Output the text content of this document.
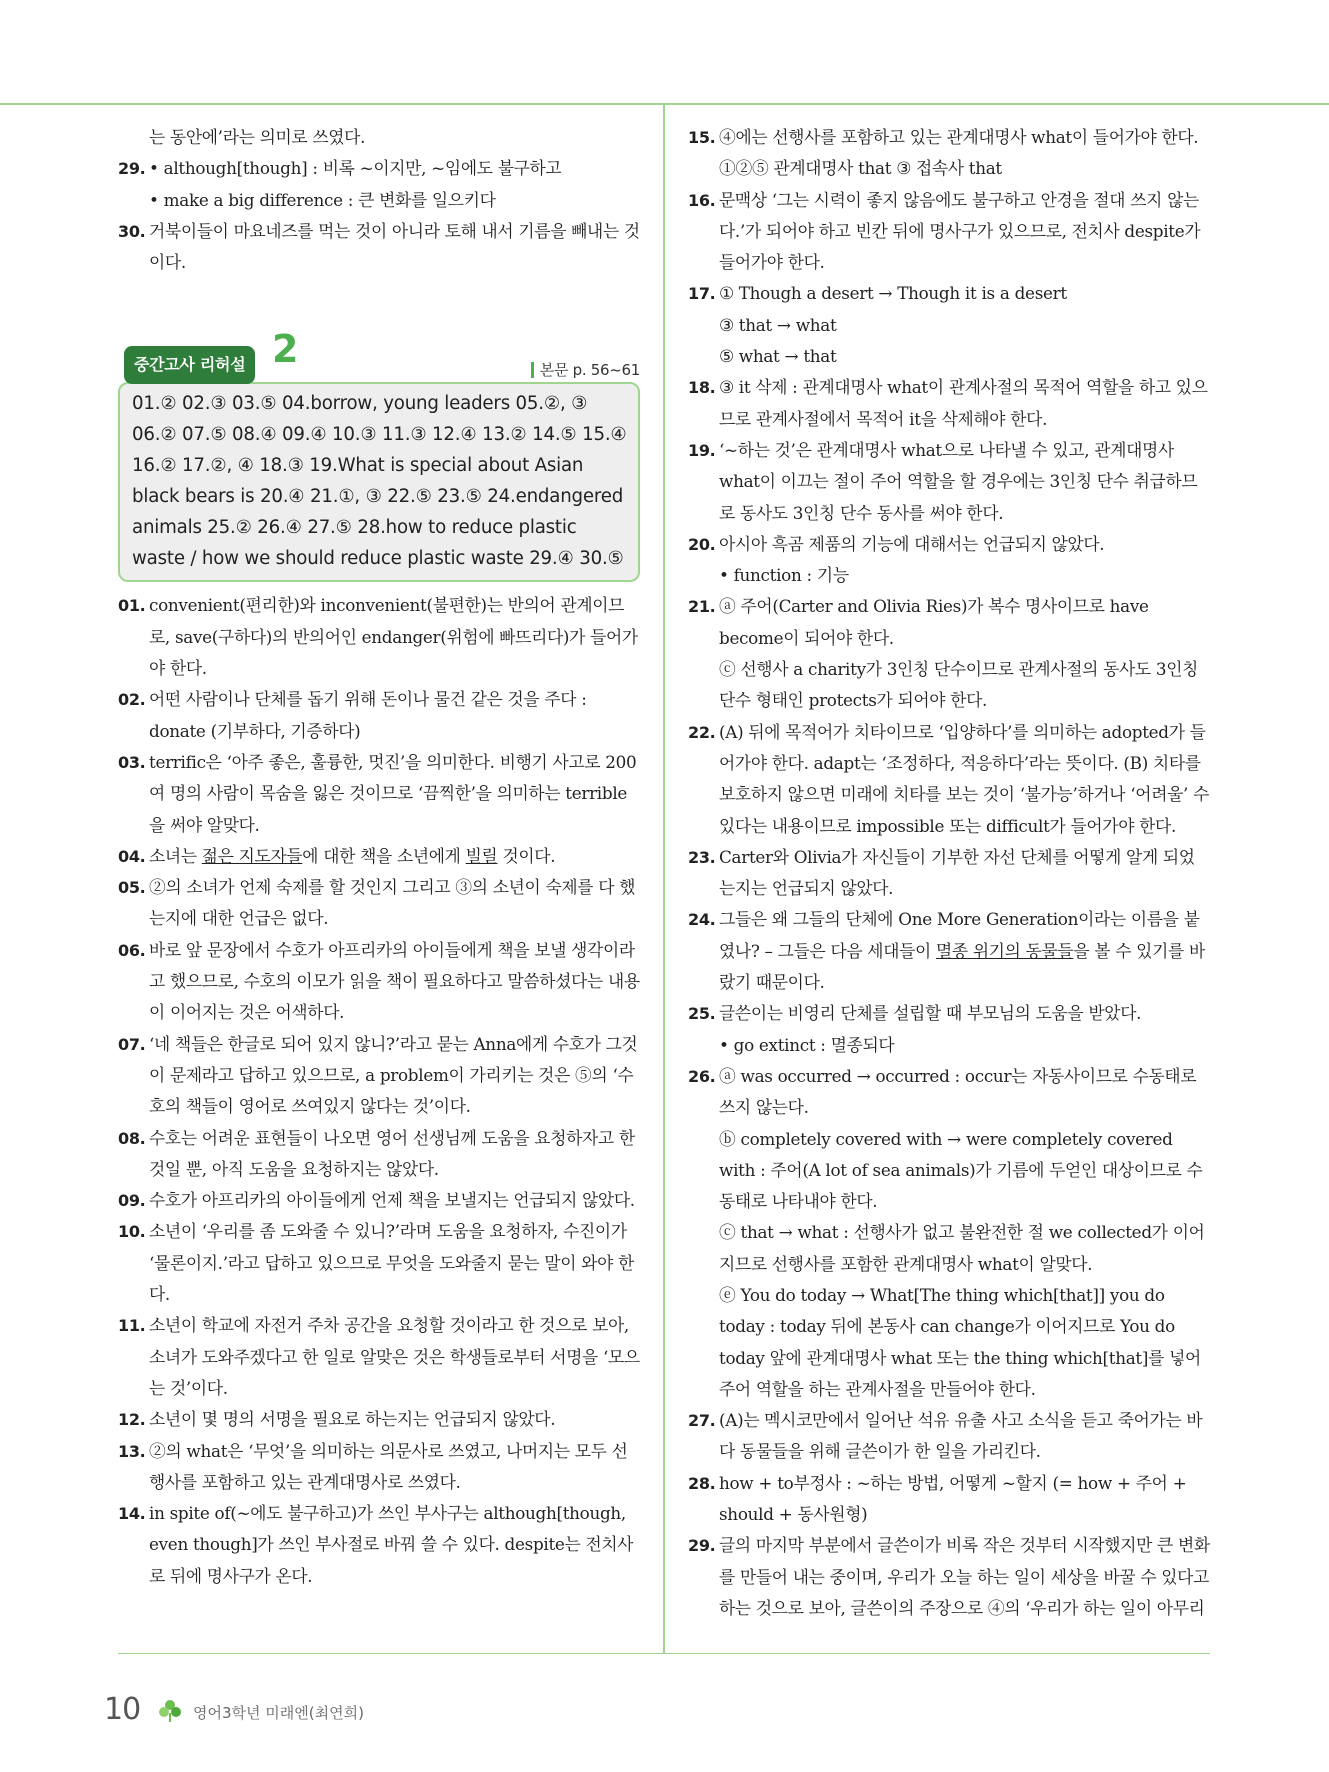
는 동안에’라는 의미로 쓰였다.
29. • although[though] : 비록 ~이지만, ~임에도 불구하고
• make a big difference : 큰 변화를 일으키다
30. 거북이들이 마요네즈를 먹는 것이 아니라 토해 내서 기름을 빼내는 것
이다.
중간고사 리허설 2	본문 p. 56~61
01.② 02.③ 03.⑤ 04.borrow, young leaders 05.②, ③ 06.② 07.⑤ 08.④ 09.④ 10.③ 11.③ 12.④ 13.② 14.⑤ 15.④ 16.② 17.②, ④ 18.③ 19.What is special about Asian black bears is 20.④ 21.①, ③ 22.⑤ 23.⑤ 24.endangered animals 25.② 26.④ 27.⑤ 28.how to reduce plastic waste / how we should reduce plastic waste 29.④ 30.⑤
01. convenient(편리한)와 inconvenient(불편한)는 반의어 관계이므로, save(구하다)의 반의어인 endanger(위험에 빠뜨리다)가 들어가야 한다.
02. 어떤 사람이나 단체를 돕기 위해 돈이나 물건 같은 것을 주다 : donate (기부하다, 기증하다)
03. terrific은 ‘아주 좋은, 훌륭한, 멋진’을 의미한다. 비행기 사고로 200여 명의 사람이 목숨을 잃은 것이므로 ‘끔찍한’을 의미하는 terrible을 써야 알맞다.
04. 소녀는 젊은 지도자들에 대한 책을 소년에게 빌릴 것이다.
05. ②의 소녀가 언제 숙제를 할 것인지 그리고 ③의 소년이 숙제를 다 했는지에 대한 언급은 없다.
06. 바로 앞 문장에서 수호가 아프리카의 아이들에게 책을 보낼 생각이라고 했으므로, 수호의 이모가 읽을 책이 필요하다고 말씀하셨다는 내용이 이어지는 것은 어색하다.
07. ‘네 책들은 한글로 되어 있지 않니?’라고 묻는 Anna에게 수호가 그것이 문제라고 답하고 있으므로, a problem이 가리키는 것은 ⑤의 ‘수호의 책들이 영어로 쓰여있지 않다는 것’이다.
08. 수호는 어려운 표현들이 나오면 영어 선생님께 도움을 요청하자고 한 것일 뿐, 아직 도움을 요청하지는 않았다.
09. 수호가 아프리카의 아이들에게 언제 책을 보낼지는 언급되지 않았다.
10. 소년이 ‘우리를 좀 도와줄 수 있니?’라며 도움을 요청하자, 수진이가 ‘물론이지.’라고 답하고 있으므로 무엇을 도와줄지 묻는 말이 와야 한다.
11. 소년이 학교에 자전거 주차 공간을 요청할 것이라고 한 것으로 보아, 소녀가 도와주겠다고 한 일로 알맞은 것은 학생들로부터 서명을 ‘모으는 것’이다.
12. 소년이 몇 명의 서명을 필요로 하는지는 언급되지 않았다.
13. ②의 what은 ‘무엇’을 의미하는 의문사로 쓰였고, 나머지는 모두 선행사를 포함하고 있는 관계대명사로 쓰였다.
14. in spite of(~에도 불구하고)가 쓰인 부사구는 although[though, even though]가 쓰인 부사절로 바꿔 쓸 수 있다. despite는 전치사로 뒤에 명사구가 온다.
15. ④에는 선행사를 포함하고 있는 관계대명사 what이 들어가야 한다.
①②⑤ 관계대명사 that ③ 접속사 that
16. 문맥상 ‘그는 시력이 좋지 않음에도 불구하고 안경을 절대 쓰지 않는다.’가 되어야 하고 빈칸 뒤에 명사구가 있으므로, 전치사 despite가 들어가야 한다.
17. ① Though a desert → Though it is a desert
③ that → what
⑤ what → that
18. ③ it 삭제 : 관계대명사 what이 관계사절의 목적어 역할을 하고 있으므로 관계사절에서 목적어 it을 삭제해야 한다.
19. ‘~하는 것’은 관계대명사 what으로 나타낼 수 있고, 관계대명사 what이 이끄는 절이 주어 역할을 할 경우에는 3인칭 단수 취급하므로 동사도 3인칭 단수 동사를 써야 한다.
20. 아시아 흑곰 제품의 기능에 대해서는 언급되지 않았다.
• function : 기능
21. ⓐ 주어(Carter and Olivia Ries)가 복수 명사이므로 have become이 되어야 한다.
ⓒ 선행사 a charity가 3인칭 단수이므로 관계사절의 동사도 3인칭 단수 형태인 protects가 되어야 한다.
22. (A) 뒤에 목적어가 치타이므로 ‘입양하다’를 의미하는 adopted가 들어가야 한다. adapt는 ‘조정하다, 적응하다’라는 뜻이다. (B) 치타를 보호하지 않으면 미래에 치타를 보는 것이 ‘불가능’하거나 ‘어려울’ 수 있다는 내용이므로 impossible 또는 difficult가 들어가야 한다.
23. Carter와 Olivia가 자신들이 기부한 자선 단체를 어떻게 알게 되었는지는 언급되지 않았다.
24. 그들은 왜 그들의 단체에 One More Generation이라는 이름을 붙였나? – 그들은 다음 세대들이 멸종 위기의 동물들을 볼 수 있기를 바랐기 때문이다.
25. 글쓴이는 비영리 단체를 설립할 때 부모님의 도움을 받았다.
• go extinct : 멸종되다
26. ⓐ was occurred → occurred : occur는 자동사이므로 수동태로 쓰지 않는다.
ⓑ completely covered with → were completely covered with : 주어(A lot of sea animals)가 기름에 두얻인 대상이므로 수동태로 나타내야 한다.
ⓒ that → what : 선행사가 없고 불완전한 절 we collected가 이어지므로 선행사를 포함한 관계대명사 what이 알맞다.
ⓔ You do today → What[The thing which[that]] you do today : today 뒤에 본동사 can change가 이어지므로 You do today 앞에 관계대명사 what 또는 the thing which[that]를 넣어 주어 역할을 하는 관계사절을 만들어야 한다.
27. (A)는 멕시코만에서 일어난 석유 유출 사고 소식을 듣고 죽어가는 바다 동물들을 위해 글쓴이가 한 일을 가리킨다.
28. how + to부정사 : ~하는 방법, 어떻게 ~할지 (= how + 주어 + should + 동사원형)
29. 글의 마지막 부분에서 글쓴이가 비록 작은 것부터 시작했지만 큰 변화를 만들어 내는 중이며, 우리가 오늘 하는 일이 세상을 바꿀 수 있다고 하는 것으로 보아, 글쓴이의 주장으로 ④의 ‘우리가 하는 일이 아무리
10	영어3학년 미래엔(최연희)
